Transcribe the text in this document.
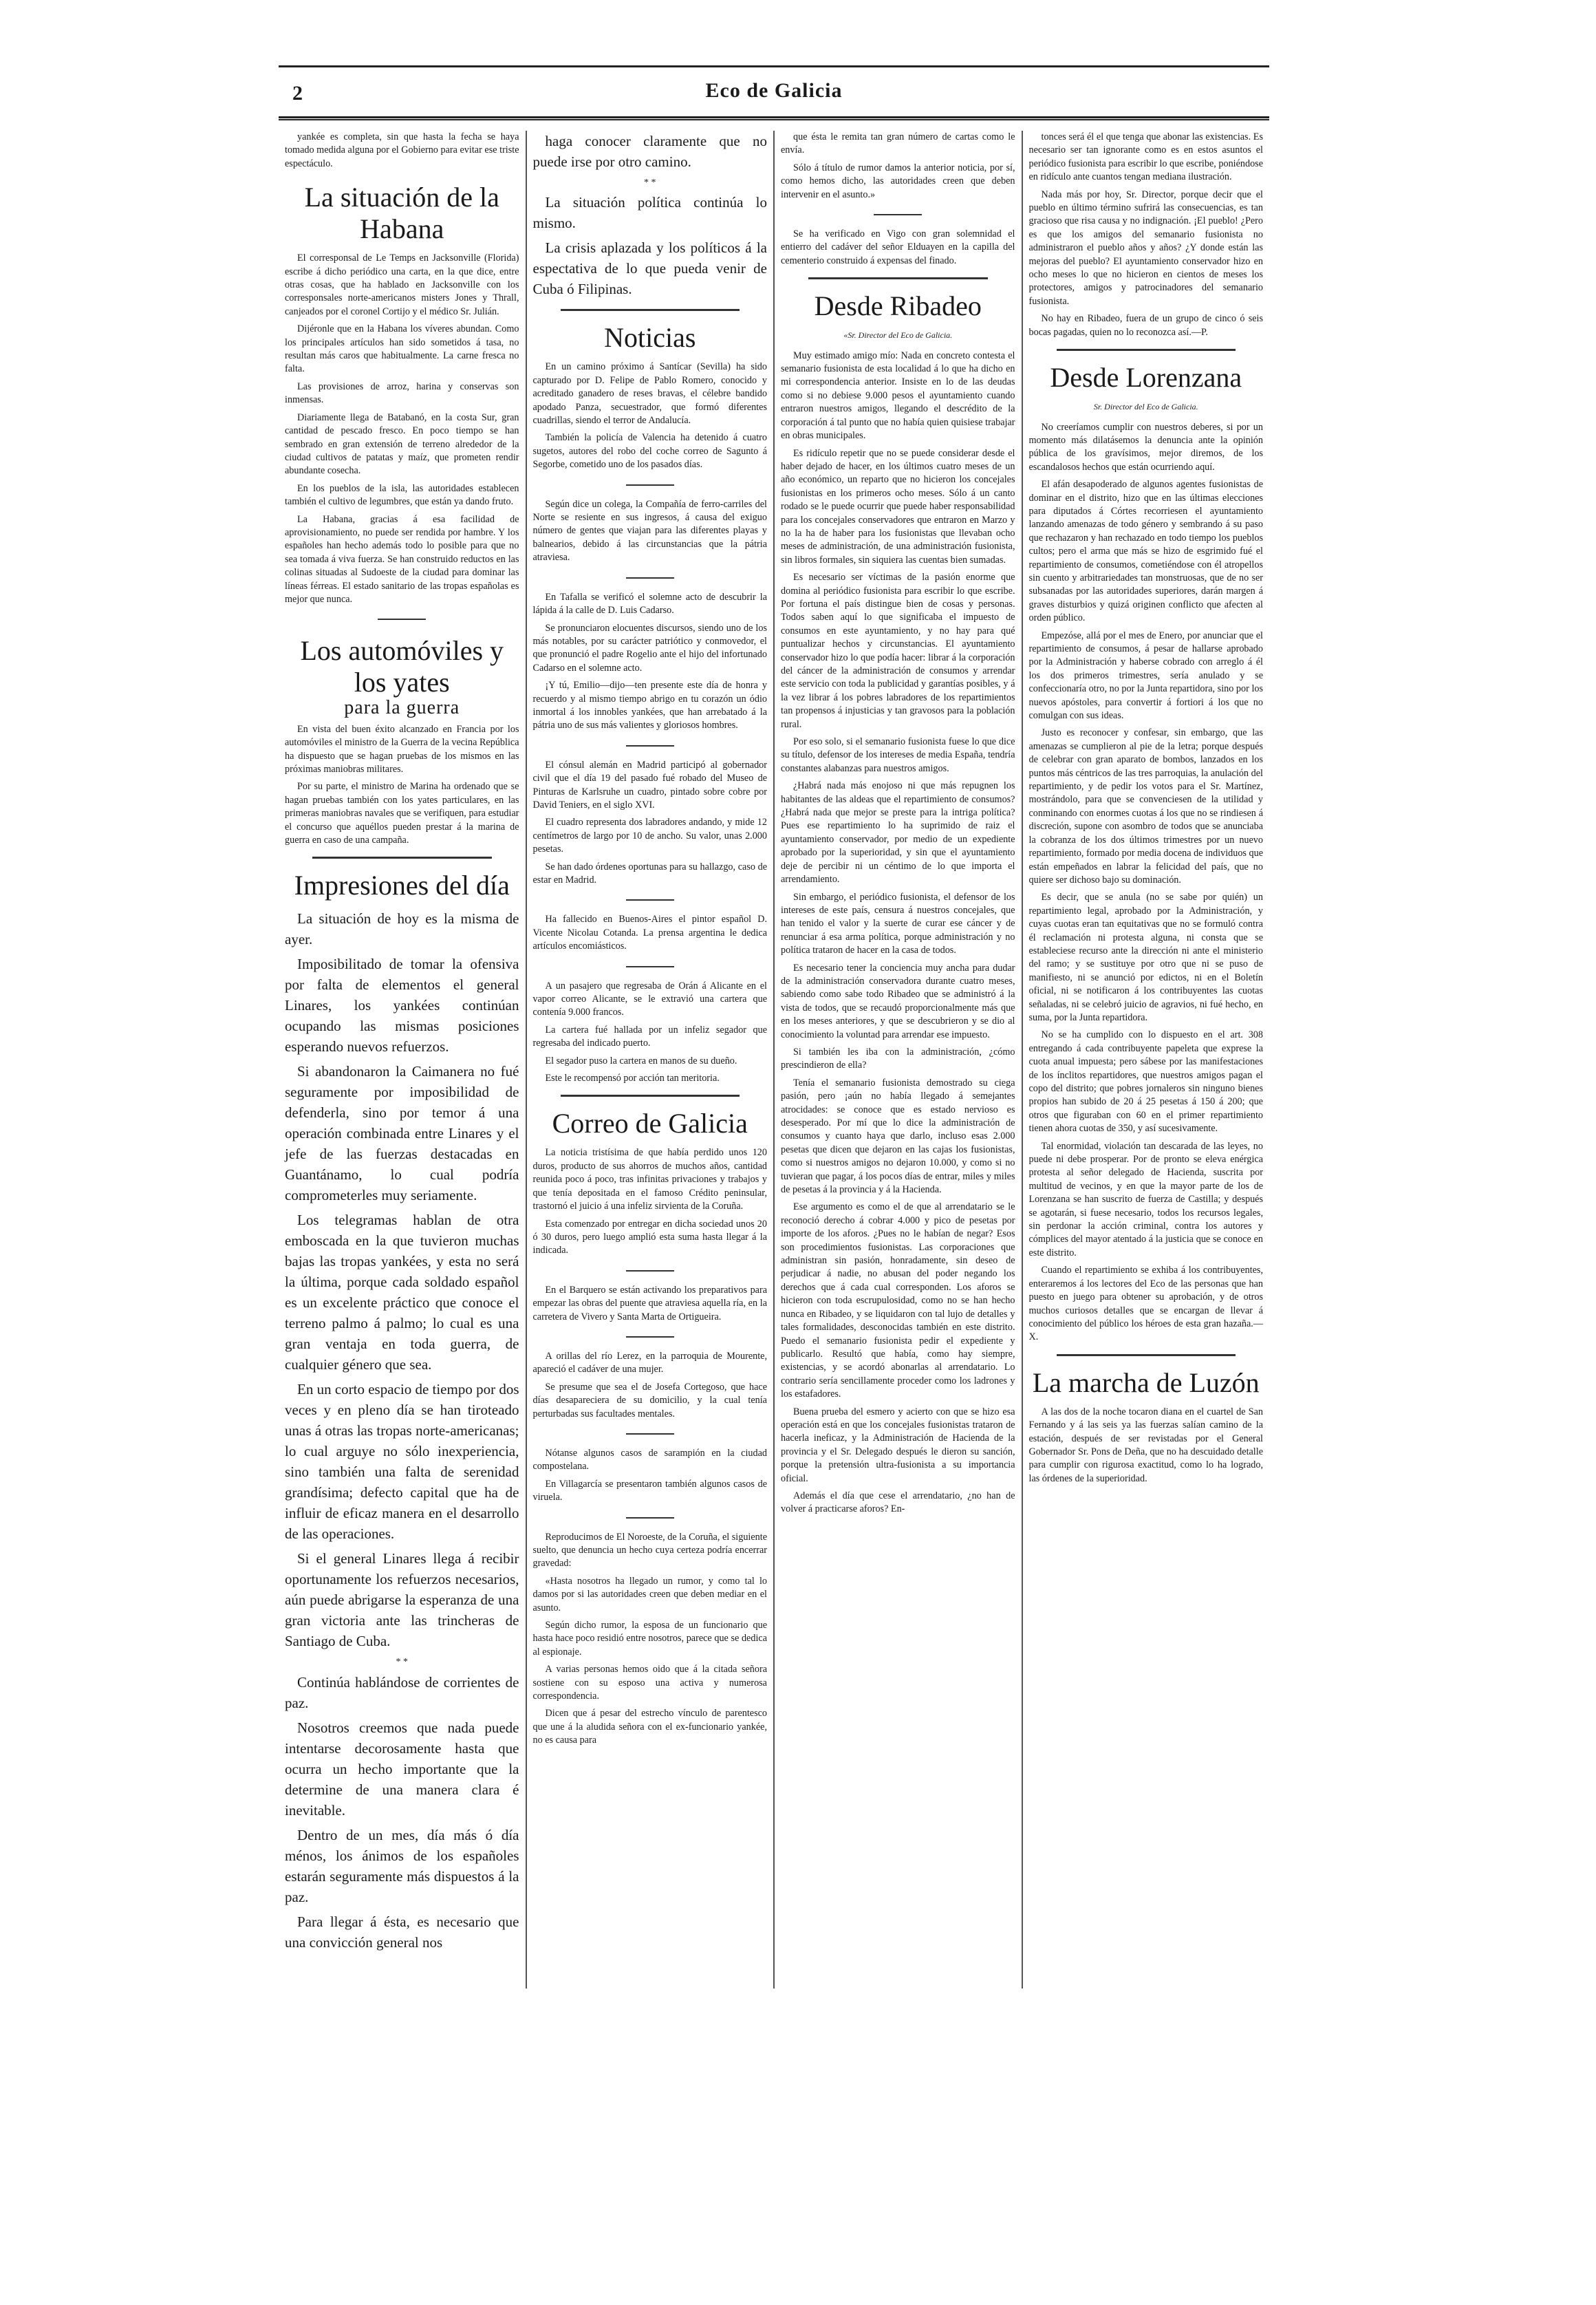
2	Eco de Galicia

yankée es completa, sin que hasta la fecha se haya tomado medida alguna por el Gobierno para evitar ese triste espectáculo.

La situación de la Habana

El corresponsal de Le Temps en Jacksonville (Florida) escribe á dicho periódico una carta, en la que dice, entre otras cosas, que ha hablado en Jacksonville con los corresponsales norte-americanos misters Jones y Thrall, canjeados por el coronel Cortijo y el médico Sr. Julián.

Dijéronle que en la Habana los víveres abundan. Como los principales artículos han sido sometidos á tasa, no resultan más caros que habitualmente. La carne fresca no falta.

Las provisiones de arroz, harina y conservas son inmensas.

Diariamente llega de Batabanó, en la costa Sur, gran cantidad de pescado fresco. En poco tiempo se han sembrado en gran extensión de terreno alrededor de la ciudad cultivos de patatas y maíz, que prometen rendir abundante cosecha.

En los pueblos de la isla, las autoridades establecen también el cultivo de legumbres, que están ya dando fruto.

La Habana, gracias á esa facilidad de aprovisionamiento, no puede ser rendida por hambre. Y los españoles han hecho además todo lo posible para que no sea tomada á viva fuerza. Se han construido reductos en las colinas situadas al Sudoeste de la ciudad para dominar las líneas férreas. El estado sanitario de las tropas españolas es mejor que nunca.

Los automóviles y los yates
para la guerra

En vista del buen éxito alcanzado en Francia por los automóviles el ministro de la Guerra de la vecina República ha dispuesto que se hagan pruebas de los mismos en las próximas maniobras militares.

Por su parte, el ministro de Marina ha ordenado que se hagan pruebas también con los yates particulares, en las primeras maniobras navales que se verifiquen, para estudiar el concurso que aquéllos pueden prestar á la marina de guerra en caso de una campaña.

Impresiones del día

La situación de hoy es la misma de ayer.

Imposibilitado de tomar la ofensiva por falta de elementos el general Linares, los yankées continúan ocupando las mismas posiciones esperando nuevos refuerzos.

Si abandonaron la Caimanera no fué seguramente por imposibilidad de defenderla, sino por temor á una operación combinada entre Linares y el jefe de las fuerzas destacadas en Guantánamo, lo cual podría comprometerles muy seriamente.

Los telegramas hablan de otra emboscada en la que tuvieron muchas bajas las tropas yankées, y esta no será la última, porque cada soldado español es un excelente práctico que conoce el terreno palmo á palmo; lo cual es una gran ventaja en toda guerra, de cualquier género que sea.

En un corto espacio de tiempo por dos veces y en pleno día se han tiroteado unas á otras las tropas norte-americanas; lo cual arguye no sólo inexperiencia, sino también una falta de serenidad grandísima; defecto capital que ha de influir de eficaz manera en el desarrollo de las operaciones.

Si el general Linares llega á recibir oportunamente los refuerzos necesarios, aún puede abrigarse la esperanza de una gran victoria ante las trincheras de Santiago de Cuba.

* *

Continúa hablándose de corrientes de paz.

Nosotros creemos que nada puede intentarse decorosamente hasta que ocurra un hecho importante que la determine de una manera clara é inevitable.

Dentro de un mes, día más ó día ménos, los ánimos de los españoles estarán seguramente más dispuestos á la paz.

Para llegar á ésta, es necesario que una convicción general nos

haga conocer claramente que no puede irse por otro camino.

* *

La situación política continúa lo mismo.

La crisis aplazada y los políticos á la espectativa de lo que pueda venir de Cuba ó Filipinas.

Noticias

En un camino próximo á Santícar (Sevilla) ha sido capturado por D. Felipe de Pablo Romero, conocido y acreditado ganadero de reses bravas, el célebre bandido apodado Panza, secuestrador, que formó diferentes cuadrillas, siendo el terror de Andalucía.

También la policía de Valencia ha detenido á cuatro sugetos, autores del robo del coche correo de Sagunto á Segorbe, cometido uno de los pasados días.

Según dice un colega, la Compañía de ferro-carriles del Norte se resiente en sus ingresos, á causa del exiguo número de gentes que viajan para las diferentes playas y balnearios, debido á las circunstancias que la pátria atraviesa.

En Tafalla se verificó el solemne acto de descubrir la lápida á la calle de D. Luis Cadarso.

Se pronunciaron elocuentes discursos, siendo uno de los más notables, por su carácter patriótico y conmovedor, el que pronunció el padre Rogelio ante el hijo del infortunado Cadarso en el solemne acto.

¡Y tú, Emilio—dijo—ten presente este día de honra y recuerdo y al mismo tiempo abrigo en tu corazón un ódio inmortal á los innobles yankées, que han arrebatado á la pátria uno de sus más valientes y gloriosos hombres.

El cónsul alemán en Madrid participó al gobernador civil que el día 19 del pasado fué robado del Museo de Pinturas de Karlsruhe un cuadro, pintado sobre cobre por David Teniers, en el siglo XVI.

El cuadro representa dos labradores andando, y mide 12 centímetros de largo por 10 de ancho. Su valor, unas 2.000 pesetas.

Se han dado órdenes oportunas para su hallazgo, caso de estar en Madrid.

Ha fallecido en Buenos-Aires el pintor español D. Vicente Nicolau Cotanda. La prensa argentina le dedica artículos encomiásticos.

A un pasajero que regresaba de Orán á Alicante en el vapor correo Alicante, se le extravió una cartera que contenía 9.000 francos.

La cartera fué hallada por un infeliz segador que regresaba del indicado puerto.

El segador puso la cartera en manos de su dueño.

Este le recompensó por acción tan meritoria.

Correo de Galicia

La noticia tristísima de que había perdido unos 120 duros, producto de sus ahorros de muchos años, cantidad reunida poco á poco, tras infinitas privaciones y trabajos y que tenía depositada en el famoso Crédito peninsular, trastornó el juicio á una infeliz sirvienta de la Coruña.

Esta comenzado por entregar en dicha sociedad unos 20 ó 30 duros, pero luego amplió esta suma hasta llegar á la indicada.

En el Barquero se están activando los preparativos para empezar las obras del puente que atraviesa aquella ría, en la carretera de Vivero y Santa Marta de Ortigueira.

A orillas del río Lerez, en la parroquia de Mourente, apareció el cadáver de una mujer.

Se presume que sea el de Josefa Cortegoso, que hace días desapareciera de su domicilio, y la cual tenía perturbadas sus facultades mentales.

Nótanse algunos casos de sarampión en la ciudad compostelana.

En Villagarcía se presentaron también algunos casos de viruela.

Reproducimos de El Noroeste, de la Coruña, el siguiente suelto, que denuncia un hecho cuya certeza podría encerrar gravedad:

«Hasta nosotros ha llegado un rumor, y como tal lo damos por si las autoridades creen que deben mediar en el asunto.

Según dicho rumor, la esposa de un funcionario que hasta hace poco residió entre nosotros, parece que se dedica al espionaje.

A varias personas hemos oido que á la citada señora sostiene con su esposo una activa y numerosa correspondencia.

Dicen que á pesar del estrecho vínculo de parentesco que une á la aludida señora con el ex-funcionario yankée, no es causa para

que ésta le remita tan gran número de cartas como le envía.

Sólo á título de rumor damos la anterior noticia, por sí, como hemos dicho, las autoridades creen que deben intervenir en el asunto.»

Se ha verificado en Vigo con gran solemnidad el entierro del cadáver del señor Elduayen en la capilla del cementerio construido á expensas del finado.

Desde Ribadeo
«Sr. Director del Eco de Galicia.

Muy estimado amigo mío: Nada en concreto contesta el semanario fusionista de esta localidad á lo que ha dicho en mi correspondencia anterior. Insiste en lo de las deudas como si no debiese 9.000 pesos el ayuntamiento cuando entraron nuestros amigos, llegando el descrédito de la corporación á tal punto que no había quien quisiese trabajar en obras municipales.

Es ridículo repetir que no se puede considerar desde el haber dejado de hacer, en los últimos cuatro meses de un año económico, un reparto que no hicieron los concejales fusionistas en los primeros ocho meses. Sólo á un canto rodado se le puede ocurrir que puede haber responsabilidad para los concejales conservadores que entraron en Marzo y no la ha de haber para los fusionistas que llevaban ocho meses de administración, de una administración fusionista, sin libros formales, sin siquiera las cuentas bien sumadas.

Es necesario ser víctimas de la pasión enorme que domina al periódico fusionista para escribir lo que escribe. Por fortuna el país distingue bien de cosas y personas. Todos saben aquí lo que significaba el impuesto de consumos en este ayuntamiento, y no hay para qué puntualizar hechos y circunstancias. El ayuntamiento conservador hizo lo que podía hacer: librar á la corporación del cáncer de la administración de consumos y arrendar este servicio con toda la publicidad y garantías posibles, y á la vez librar á los pobres labradores de los repartimientos tan propensos á injusticias y tan gravosos para la población rural.

Por eso solo, si el semanario fusionista fuese lo que dice su título, defensor de los intereses de media España, tendría constantes alabanzas para nuestros amigos.

¿Habrá nada más enojoso ni que más repugnen los habitantes de las aldeas que el repartimiento de consumos? ¿Habrá nada que mejor se preste para la intriga política? Pues ese repartimiento lo ha suprimido de raiz el ayuntamiento conservador, por medio de un expediente aprobado por la superioridad, y sin que el ayuntamiento deje de percibir ni un céntimo de lo que importa el arrendamiento.

Sin embargo, el periódico fusionista, el defensor de los intereses de este país, censura á nuestros concejales, que han tenido el valor y la suerte de curar ese cáncer y de renunciar á esa arma política, porque administración y no política trataron de hacer en la casa de todos.

Es necesario tener la conciencia muy ancha para dudar de la administración conservadora durante cuatro meses, sabiendo como sabe todo Ribadeo que se administró á la vista de todos, que se recaudó proporcionalmente más que en los meses anteriores, y que se descubrieron y se dio al conocimiento la voluntad para arrendar ese impuesto.

Si también les iba con la administración, ¿cómo prescindieron de ella?

Tenía el semanario fusionista demostrado su ciega pasión, pero ¡aún no había llegado á semejantes atrocidades: se conoce que es estado nervioso es desesperado. Por mí que lo dice la administración de consumos y cuanto haya que darlo, incluso esas 2.000 pesetas que dicen que dejaron en las cajas los fusionistas, como si nuestros amigos no dejaron 10.000, y como si no tuvieran que pagar, á los pocos días de entrar, miles y miles de pesetas á la provincia y á la Hacienda.

Ese argumento es como el de que al arrendatario se le reconoció derecho á cobrar 4.000 y pico de pesetas por importe de los aforos. ¿Pues no le habían de negar? Esos son procedimientos fusionistas. Las corporaciones que administran sin pasión, honradamente, sin deseo de perjudicar á nadie, no abusan del poder negando los derechos que á cada cual corresponden. Los aforos se hicieron con toda escrupulosidad, como no se han hecho nunca en Ribadeo, y se liquidaron con tal lujo de detalles y tales formalidades, desconocidas también en este distrito. Puedo el semanario fusionista pedir el expediente y publicarlo. Resultó que había, como hay siempre, existencias, y se acordó abonarlas al arrendatario. Lo contrario sería sencillamente proceder como los ladrones y los estafadores.

Buena prueba del esmero y acierto con que se hizo esa operación está en que los concejales fusionistas trataron de hacerla ineficaz, y la Administración de Hacienda de la provincia y el Sr. Delegado después le dieron su sanción, porque la pretensión ultra-fusionista a su importancia oficial.

Además el día que cese el arrendatario, ¿no han de volver á practicarse aforos? En-

tonces será él el que tenga que abonar las existencias. Es necesario ser tan ignorante como es en estos asuntos el periódico fusionista para escribir lo que escribe, poniéndose en ridículo ante cuantos tengan mediana ilustración.

Nada más por hoy, Sr. Director, porque decir que el pueblo en último término sufrirá las consecuencias, es tan gracioso que risa causa y no indignación. ¡El pueblo! ¿Pero es que los amigos del semanario fusionista no administraron el pueblo años y años? ¿Y donde están las mejoras del pueblo? El ayuntamiento conservador hizo en ocho meses lo que no hicieron en cientos de meses los protectores, amigos y patrocinadores del semanario fusionista.

No hay en Ribadeo, fuera de un grupo de cinco ó seis bocas pagadas, quien no lo reconozca así.—P.

Desde Lorenzana
Sr. Director del Eco de Galicia.

No creeríamos cumplir con nuestros deberes, si por un momento más dilatásemos la denuncia ante la opinión pública de los gravísimos, mejor diremos, de los escandalosos hechos que están ocurriendo aquí.

El afán desapoderado de algunos agentes fusionistas de dominar en el distrito, hizo que en las últimas elecciones para diputados á Córtes recorriesen el ayuntamiento lanzando amenazas de todo género y sembrando á su paso que rechazaron y han rechazado en todo tiempo los pueblos cultos; pero el arma que más se hizo de esgrimido fué el repartimiento de consumos, cometiéndose con él atropellos sin cuento y arbitrariedades tan monstruosas, que de no ser subsanadas por las autoridades superiores, darán margen á graves disturbios y quizá originen conflicto que afecten al orden público.

Empezóse, allá por el mes de Enero, por anunciar que el repartimiento de consumos, á pesar de hallarse aprobado por la Administración y haberse cobrado con arreglo á él los dos primeros trimestres, sería anulado y se confeccionaría otro, no por la Junta repartidora, sino por los nuevos apóstoles, para convertir á fortiori á los que no comulgan con sus ideas.

Justo es reconocer y confesar, sin embargo, que las amenazas se cumplieron al pie de la letra; porque después de celebrar con gran aparato de bombos, lanzados en los puntos más céntricos de las tres parroquias, la anulación del repartimiento, y de pedir los votos para el Sr. Martínez, mostrándolo, para que se convenciesen de la utilidad y conminando con enormes cuotas á los que no se rindiesen á discreción, supone con asombro de todos que se anunciaba la cobranza de los dos últimos trimestres por un nuevo repartimiento, formado por media docena de individuos que están empeñados en labrar la felicidad del país, que no quiere ser dichoso bajo su dominación.

Es decir, que se anula (no se sabe por quién) un repartimiento legal, aprobado por la Administración, y cuyas cuotas eran tan equitativas que no se formuló contra él reclamación ni protesta alguna, ni consta que se estableciese recurso ante la dirección ni ante el ministerio del ramo; y se sustituye por otro que ni se puso de manifiesto, ni se anunció por edictos, ni en el Boletín oficial, ni se notificaron á los contribuyentes las cuotas señaladas, ni se celebró juicio de agravios, ni fué hecho, en suma, por la Junta repartidora.

No se ha cumplido con lo dispuesto en el art. 308 entregando á cada contribuyente papeleta que exprese la cuota anual impuesta; pero sábese por las manifestaciones de los ínclitos repartidores, que nuestros amigos pagan el copo del distrito; que pobres jornaleros sin ninguno bienes propios han subido de 20 á 25 pesetas á 150 á 200; que otros que figuraban con 60 en el primer repartimiento tienen ahora cuotas de 350, y así sucesivamente.

Tal enormidad, violación tan descarada de las leyes, no puede ni debe prosperar. Por de pronto se eleva enérgica protesta al señor delegado de Hacienda, suscrita por multitud de vecinos, y en que la mayor parte de los de Lorenzana se han suscrito de fuerza de Castilla; y después se agotarán, si fuese necesario, todos los recursos legales, sin perdonar la acción criminal, contra los autores y cómplices del mayor atentado á la justicia que se conoce en este distrito.

Cuando el repartimiento se exhiba á los contribuyentes, enteraremos á los lectores del Eco de las personas que han puesto en juego para obtener su aprobación, y de otros muchos curiosos detalles que se encargan de llevar á conocimiento del público los héroes de esta gran hazaña.—X.

La marcha de Luzón

A las dos de la noche tocaron diana en el cuartel de San Fernando y á las seis ya las fuerzas salían camino de la estación, después de ser revistadas por el General Gobernador Sr. Pons de Deña, que no ha descuidado detalle para cumplir con rigurosa exactitud, como lo ha logrado, las órdenes de la superioridad.
